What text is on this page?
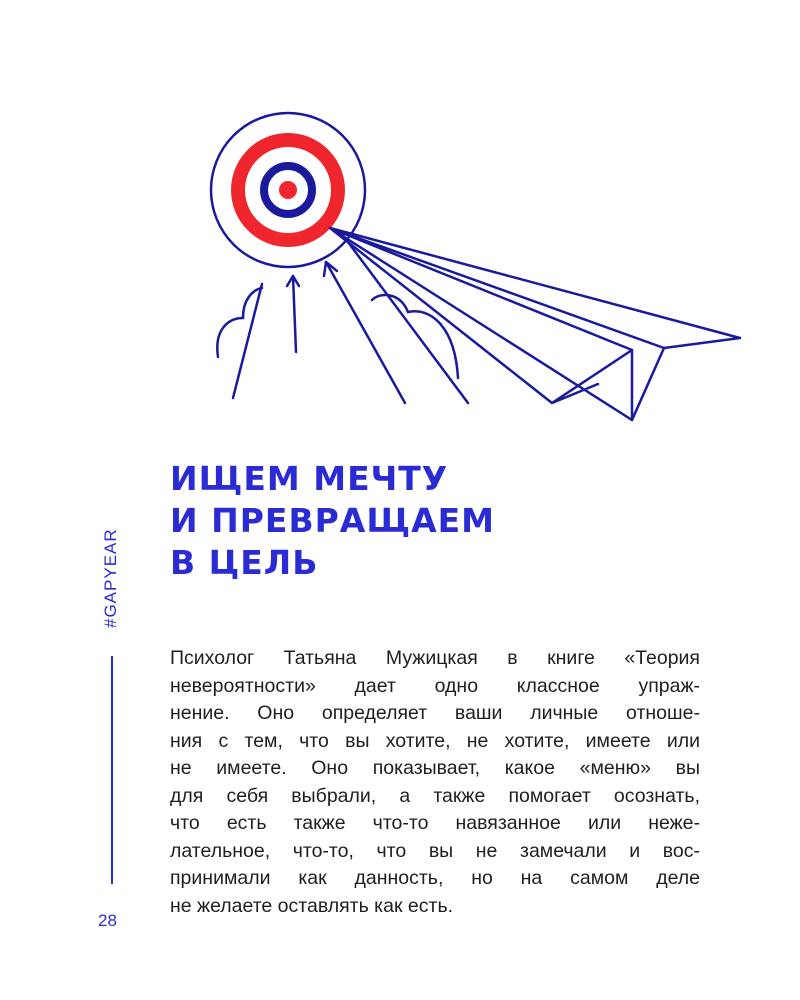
#GAPYEAR
ИЩЕМ МЕЧТУ
И ПРЕВРАЩАЕМ
В ЦЕЛЬ

Психолог Татьяна Мужицкая в книге «Теория
невероятности» дает одно классное упраж-
нение. Оно определяет ваши личные отноше-
ния с тем, что вы хотите, не хотите, имеете или
не имеете. Оно показывает, какое «меню» вы
для себя выбрали, а также помогает осознать,
что есть также что-то навязанное или неже-
лательное, что-то, что вы не замечали и вос-
принимали как данность, но на самом деле
не желаете оставлять как есть.

28
